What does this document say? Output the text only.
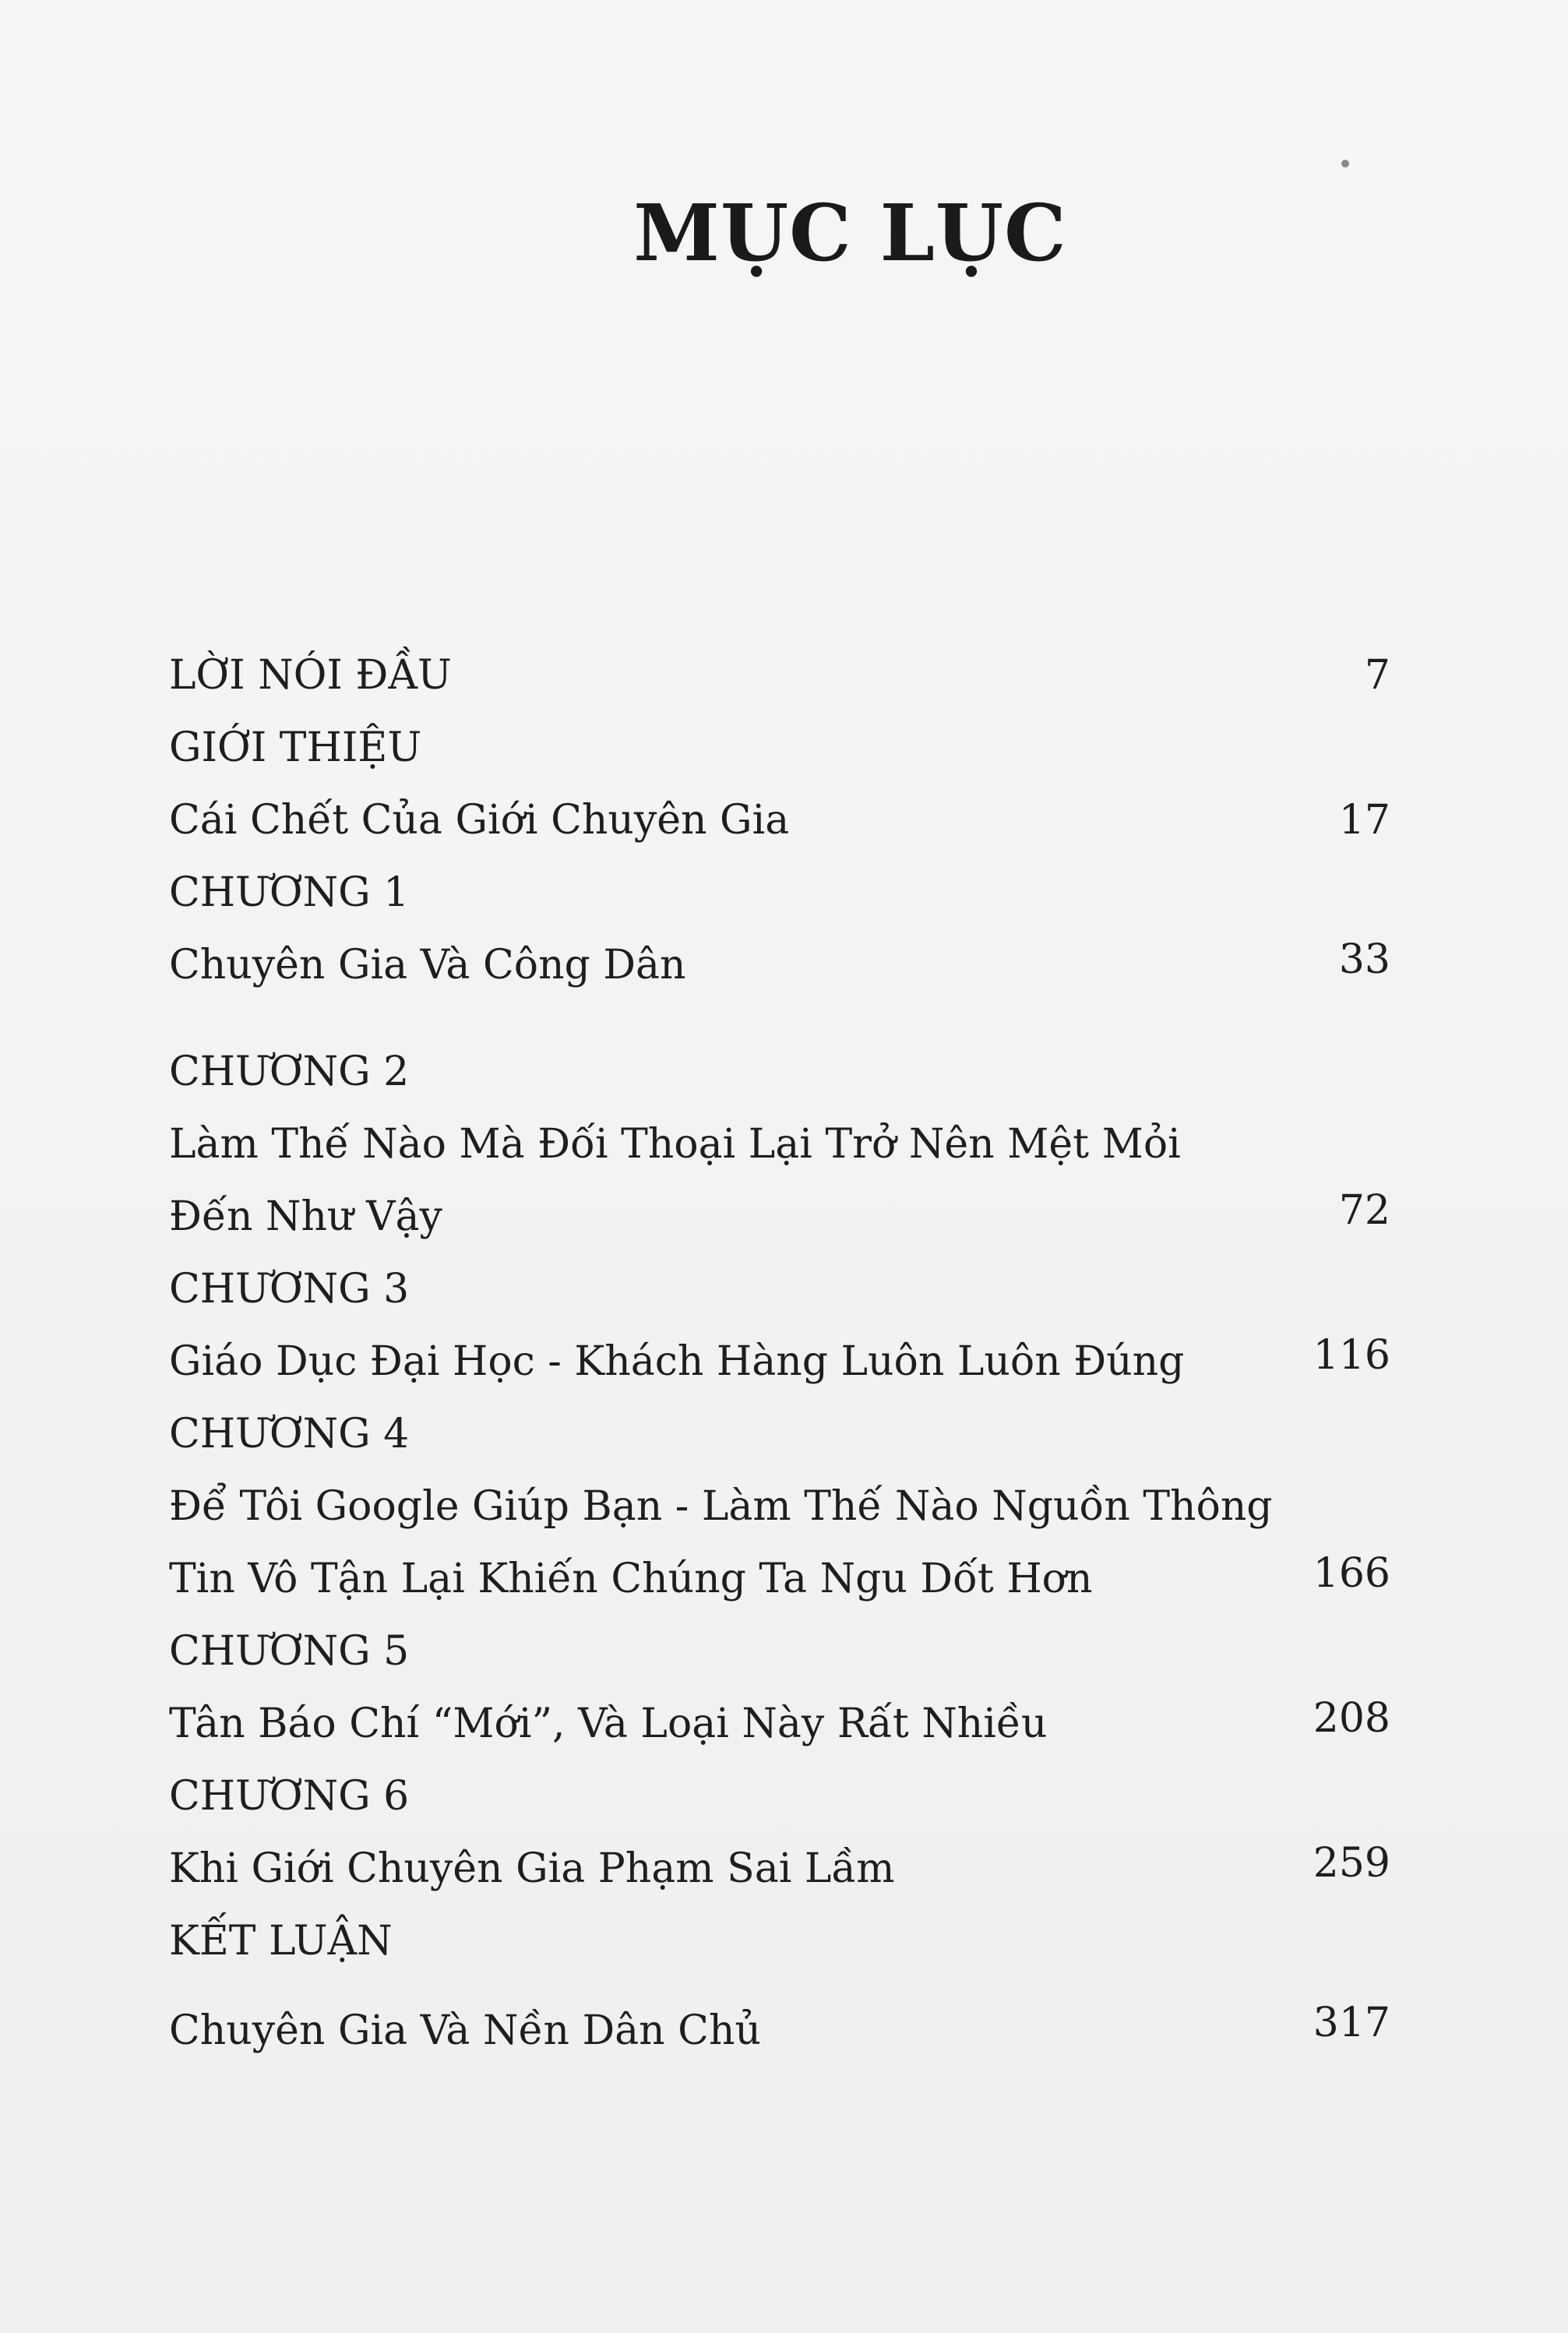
MỤC LỤC
LỜI NÓI ĐẦU	7
GIỚI THIỆU
Cái Chết Của Giới Chuyên Gia	17
CHƯƠNG 1
Chuyên Gia Và Công Dân	33
CHƯƠNG 2
Làm Thế Nào Mà Đối Thoại Lại Trở Nên Mệt Mỏi
Đến Như Vậy	72
CHƯƠNG 3
Giáo Dục Đại Học - Khách Hàng Luôn Luôn Đúng	116
CHƯƠNG 4
Để Tôi Google Giúp Bạn - Làm Thế Nào Nguồn Thông
Tin Vô Tận Lại Khiến Chúng Ta Ngu Dốt Hơn	166
CHƯƠNG 5
Tân Báo Chí “Mới”, Và Loại Này Rất Nhiều	208
CHƯƠNG 6
Khi Giới Chuyên Gia Phạm Sai Lầm	259
KẾT LUẬN
Chuyên Gia Và Nền Dân Chủ	317
